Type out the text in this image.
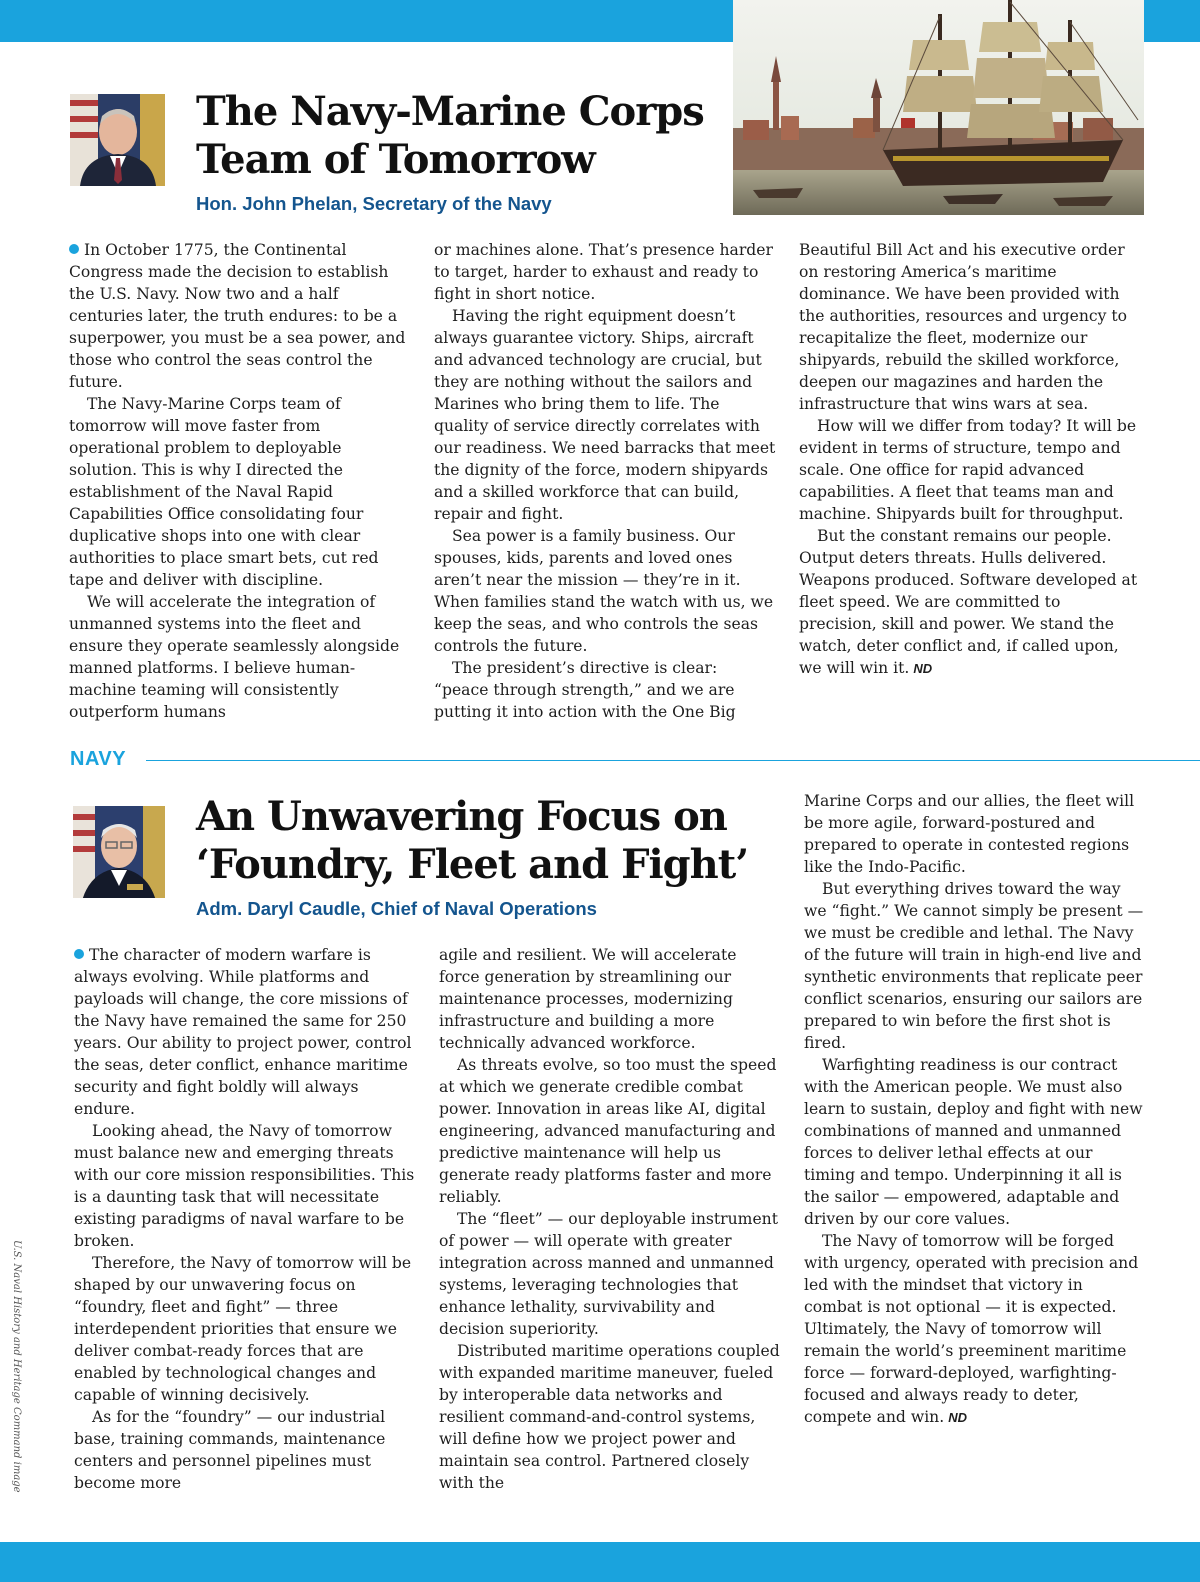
The Navy-Marine Corps Team of Tomorrow

Hon. John Phelan, Secretary of the Navy

In October 1775, the Continental Congress made the decision to establish the U.S. Navy. Now two and a half centuries later, the truth endures: to be a superpower, you must be a sea power, and those who control the seas control the future.

The Navy-Marine Corps team of tomorrow will move faster from operational problem to deployable solution. This is why I directed the establishment of the Naval Rapid Capabilities Office consolidating four duplicative shops into one with clear authorities to place smart bets, cut red tape and deliver with discipline.

We will accelerate the integration of unmanned systems into the fleet and ensure they operate seamlessly alongside manned platforms. I believe human-machine teaming will consistently outperform humans

or machines alone. That’s presence harder to target, harder to exhaust and ready to fight in short notice.

Having the right equipment doesn’t always guarantee victory. Ships, aircraft and advanced technology are crucial, but they are nothing without the sailors and Marines who bring them to life. The quality of service directly correlates with our readiness. We need barracks that meet the dignity of the force, modern shipyards and a skilled workforce that can build, repair and fight.

Sea power is a family business. Our spouses, kids, parents and loved ones aren’t near the mission — they’re in it. When families stand the watch with us, we keep the seas, and who controls the seas controls the future.

The president’s directive is clear: “peace through strength,” and we are putting it into action with the One Big

Beautiful Bill Act and his executive order on restoring America’s maritime dominance. We have been provided with the authorities, resources and urgency to recapitalize the fleet, modernize our shipyards, rebuild the skilled workforce, deepen our magazines and harden the infrastructure that wins wars at sea.

How will we differ from today? It will be evident in terms of structure, tempo and scale. One office for rapid advanced capabilities. A fleet that teams man and machine. Shipyards built for throughput.

But the constant remains our people. Output deters threats. Hulls delivered. Weapons produced. Software developed at fleet speed. We are committed to precision, skill and power. We stand the watch, deter conflict and, if called upon, we will win it. ND

NAVY

An Unwavering Focus on ‘Foundry, Fleet and Fight’

Adm. Daryl Caudle, Chief of Naval Operations

The character of modern warfare is always evolving. While platforms and payloads will change, the core missions of the Navy have remained the same for 250 years. Our ability to project power, control the seas, deter conflict, enhance maritime security and fight boldly will always endure.

Looking ahead, the Navy of tomorrow must balance new and emerging threats with our core mission responsibilities. This is a daunting task that will necessitate existing paradigms of naval warfare to be broken.

Therefore, the Navy of tomorrow will be shaped by our unwavering focus on “foundry, fleet and fight” — three interdependent priorities that ensure we deliver combat-ready forces that are enabled by technological changes and capable of winning decisively.

As for the “foundry” — our industrial base, training commands, maintenance centers and personnel pipelines must become more

agile and resilient. We will accelerate force generation by streamlining our maintenance processes, modernizing infrastructure and building a more technically advanced workforce.

As threats evolve, so too must the speed at which we generate credible combat power. Innovation in areas like AI, digital engineering, advanced manufacturing and predictive maintenance will help us generate ready platforms faster and more reliably.

The “fleet” — our deployable instrument of power — will operate with greater integration across manned and unmanned systems, leveraging technologies that enhance lethality, survivability and decision superiority.

Distributed maritime operations coupled with expanded maritime maneuver, fueled by interoperable data networks and resilient command-and-control systems, will define how we project power and maintain sea control. Partnered closely with the

Marine Corps and our allies, the fleet will be more agile, forward-postured and prepared to operate in contested regions like the Indo-Pacific.

But everything drives toward the way we “fight.” We cannot simply be present — we must be credible and lethal. The Navy of the future will train in high-end live and synthetic environments that replicate peer conflict scenarios, ensuring our sailors are prepared to win before the first shot is fired.

Warfighting readiness is our contract with the American people. We must also learn to sustain, deploy and fight with new combinations of manned and unmanned forces to deliver lethal effects at our timing and tempo. Underpinning it all is the sailor — empowered, adaptable and driven by our core values.

The Navy of tomorrow will be forged with urgency, operated with precision and led with the mindset that victory in combat is not optional — it is expected. Ultimately, the Navy of tomorrow will remain the world’s preeminent maritime force — forward-deployed, warfighting-focused and always ready to deter, compete and win. ND

U.S. Naval History and Heritage Command image
